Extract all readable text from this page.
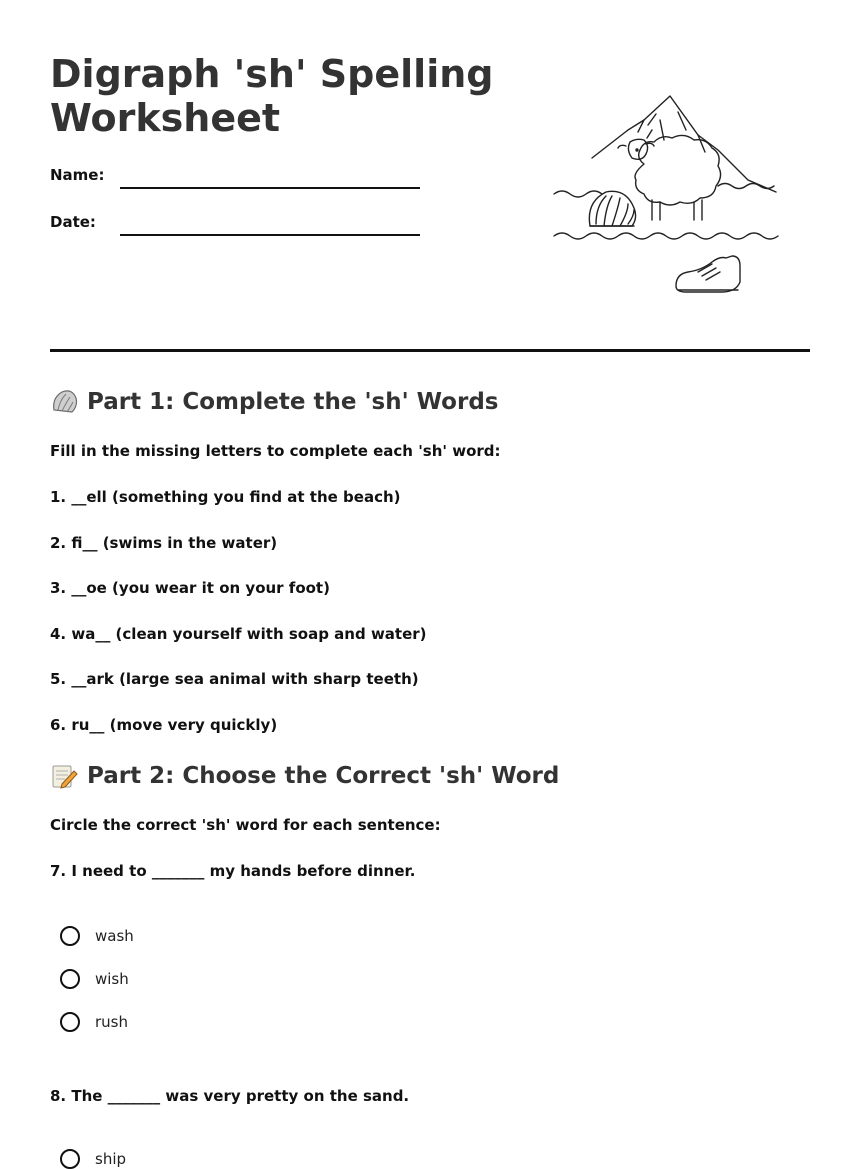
Digraph 'sh' Spelling Worksheet
Name:
Date:
Part 1: Complete the 'sh' Words
Fill in the missing letters to complete each 'sh' word:
1. __ell (something you find at the beach)
2. fi__ (swims in the water)
3. __oe (you wear it on your foot)
4. wa__ (clean yourself with soap and water)
5. __ark (large sea animal with sharp teeth)
6. ru__ (move very quickly)
Part 2: Choose the Correct 'sh' Word
Circle the correct 'sh' word for each sentence:
7. I need to _______ my hands before dinner.
wash
wish
rush
8. The _______ was very pretty on the sand.
ship
